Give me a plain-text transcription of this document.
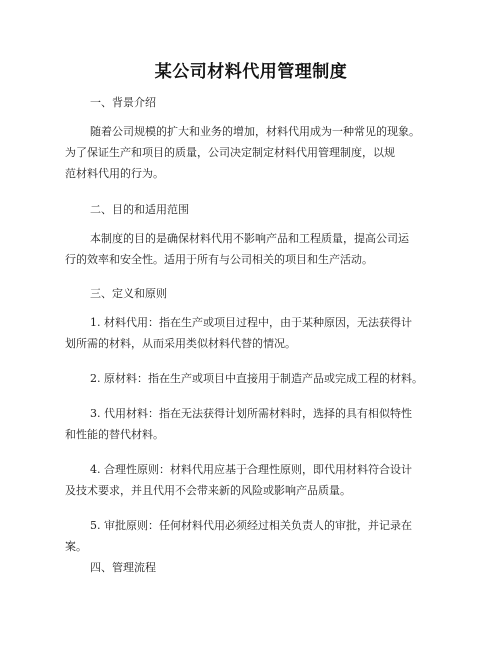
某公司材料代用管理制度
一、背景介绍
随着公司规模的扩大和业务的增加，材料代用成为一种常见的现象。
为了保证生产和项目的质量，公司决定制定材料代用管理制度，以规
范材料代用的行为。
二、目的和适用范围
本制度的目的是确保材料代用不影响产品和工程质量，提高公司运
行的效率和安全性。适用于所有与公司相关的项目和生产活动。
三、定义和原则
1. 材料代用：指在生产或项目过程中，由于某种原因，无法获得计
划所需的材料，从而采用类似材料代替的情况。
2. 原材料：指在生产或项目中直接用于制造产品或完成工程的材料。
3. 代用材料：指在无法获得计划所需材料时，选择的具有相似特性
和性能的替代材料。
4. 合理性原则：材料代用应基于合理性原则，即代用材料符合设计
及技术要求，并且代用不会带来新的风险或影响产品质量。
5. 审批原则：任何材料代用必须经过相关负责人的审批，并记录在
案。
四、管理流程
